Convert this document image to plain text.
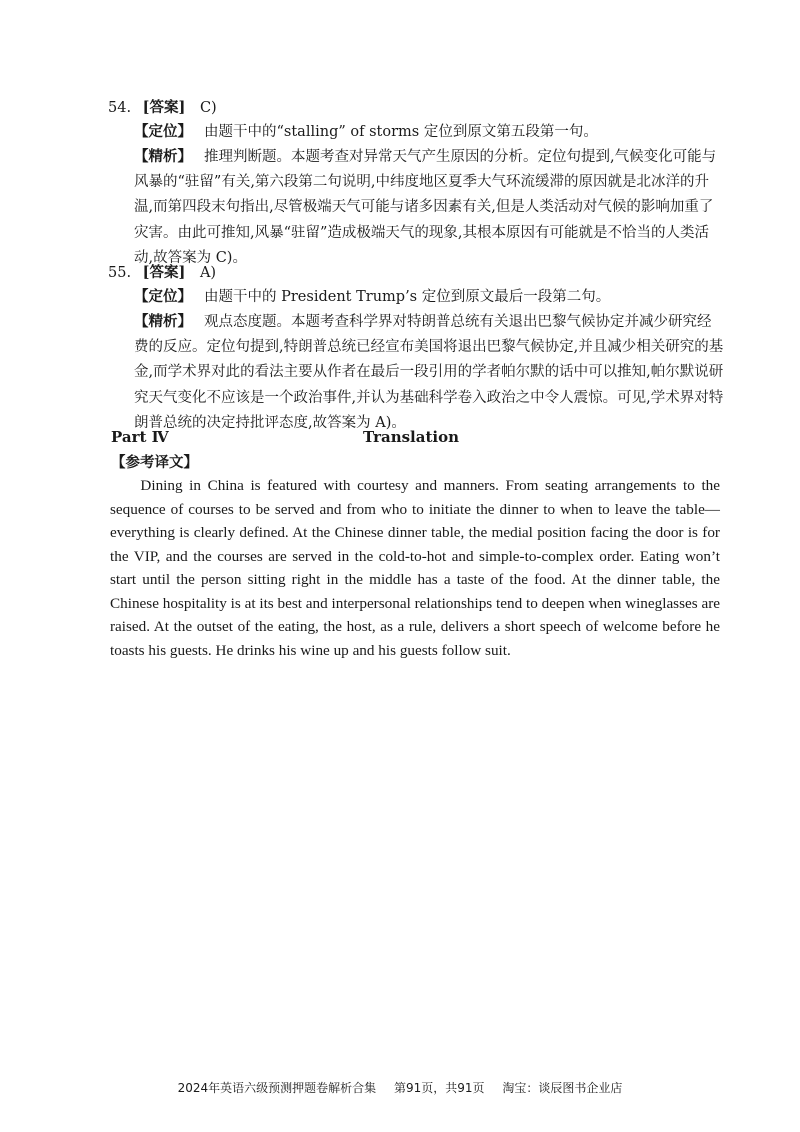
54. [答案] C)
【定位】 由题干中的“stalling” of storms 定位到原文第五段第一句。
【精析】 推理判断题。本题考查对异常天气产生原因的分析。定位句提到,气候变化可能与风暴的“驻留”有关,第六段第二句说明,中纬度地区夏季大气环流缓滞的原因就是北冰洋的升温,而第四段末句指出,尽管极端天气可能与诸多因素有关,但是人类活动对气候的影响加重了灾害。由此可推知,风暴“驻留”造成极端天气的现象,其根本原因有可能就是不恰当的人类活动,故答案为 C)。
55. [答案] A)
【定位】 由题干中的 President Trump’s 定位到原文最后一段第二句。
【精析】 观点态度题。本题考查科学界对特朗普总统有关退出巴黎气候协定并减少研究经费的反应。定位句提到,特朗普总统已经宣布美国将退出巴黎气候协定,并且减少相关研究的基金,而学术界对此的看法主要从作者在最后一段引用的学者帕尔默的话中可以推知,帕尔默说研究天气变化不应该是一个政治事件,并认为基础科学卷入政治之中令人震惊。可见,学术界对特朗普总统的决定持批评态度,故答案为 A)。
Part Ⅳ	Translation
【参考译文】
Dining in China is featured with courtesy and manners. From seating arrangements to the sequence of courses to be served and from who to initiate the dinner to when to leave the table—everything is clearly defined. At the Chinese dinner table, the medial position facing the door is for the VIP, and the courses are served in the cold-to-hot and simple-to-complex order. Eating won’t start until the person sitting right in the middle has a taste of the food. At the dinner table, the Chinese hospitality is at its best and interpersonal relationships tend to deepen when wineglasses are raised. At the outset of the eating, the host, as a rule, delivers a short speech of welcome before he toasts his guests. He drinks his wine up and his guests follow suit.
2024年英语六级预测押题卷解析合集 第91页，共91页 淘宝：谈辰图书企业店
